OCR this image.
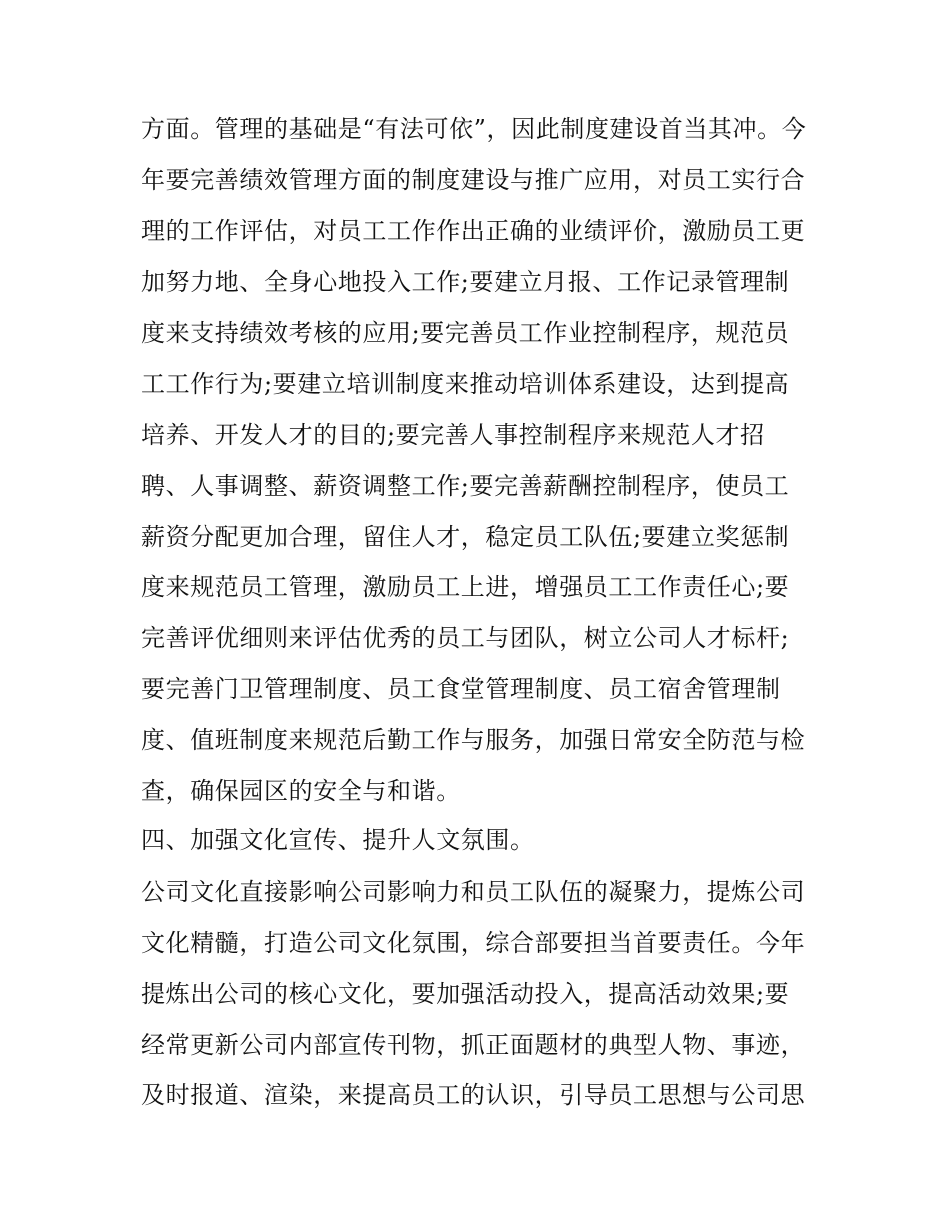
方面。管理的基础是“有法可依”，因此制度建设首当其冲。今
年要完善绩效管理方面的制度建设与推广应用，对员工实行合
理的工作评估，对员工工作作出正确的业绩评价，激励员工更
加努力地、全身心地投入工作;要建立月报、工作记录管理制
度来支持绩效考核的应用;要完善员工作业控制程序，规范员
工工作行为;要建立培训制度来推动培训体系建设，达到提高
培养、开发人才的目的;要完善人事控制程序来规范人才招
聘、人事调整、薪资调整工作;要完善薪酬控制程序，使员工
薪资分配更加合理，留住人才，稳定员工队伍;要建立奖惩制
度来规范员工管理，激励员工上进，增强员工工作责任心;要
完善评优细则来评估优秀的员工与团队，树立公司人才标杆;
要完善门卫管理制度、员工食堂管理制度、员工宿舍管理制
度、值班制度来规范后勤工作与服务，加强日常安全防范与检
查，确保园区的安全与和谐。
四、加强文化宣传、提升人文氛围。
公司文化直接影响公司影响力和员工队伍的凝聚力，提炼公司
文化精髓，打造公司文化氛围，综合部要担当首要责任。今年
提炼出公司的核心文化，要加强活动投入，提高活动效果;要
经常更新公司内部宣传刊物，抓正面题材的典型人物、事迹，
及时报道、渲染，来提高员工的认识，引导员工思想与公司思
